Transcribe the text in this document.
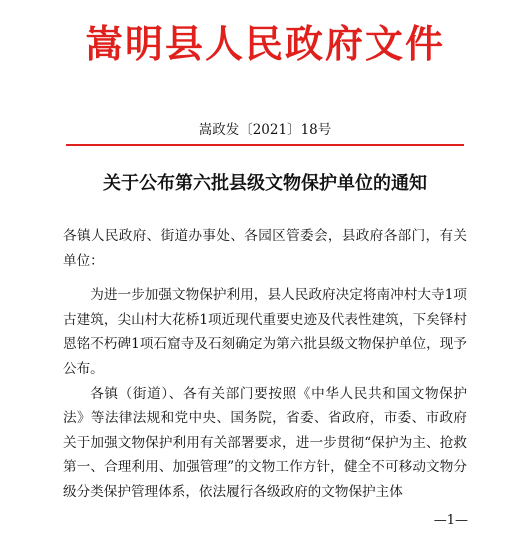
嵩明县人民政府文件
嵩政发〔2021〕18号
关于公布第六批县级文物保护单位的通知

各镇人民政府、街道办事处、各园区管委会，县政府各部门，有关单位：

为进一步加强文物保护利用，县人民政府决定将南冲村大寺1项古建筑，尖山村大花桥1项近现代重要史迹及代表性建筑，下矣铎村恩铭不朽碑1项石窟寺及石刻确定为第六批县级文物保护单位，现予公布。

各镇（街道）、各有关部门要按照《中华人民共和国文物保护法》等法律法规和党中央、国务院，省委、省政府，市委、市政府关于加强文物保护利用有关部署要求，进一步贯彻“保护为主、抢救第一、合理利用、加强管理”的文物工作方针，健全不可移动文物分级分类保护管理体系，依法履行各级政府的文物保护主体

—1—
